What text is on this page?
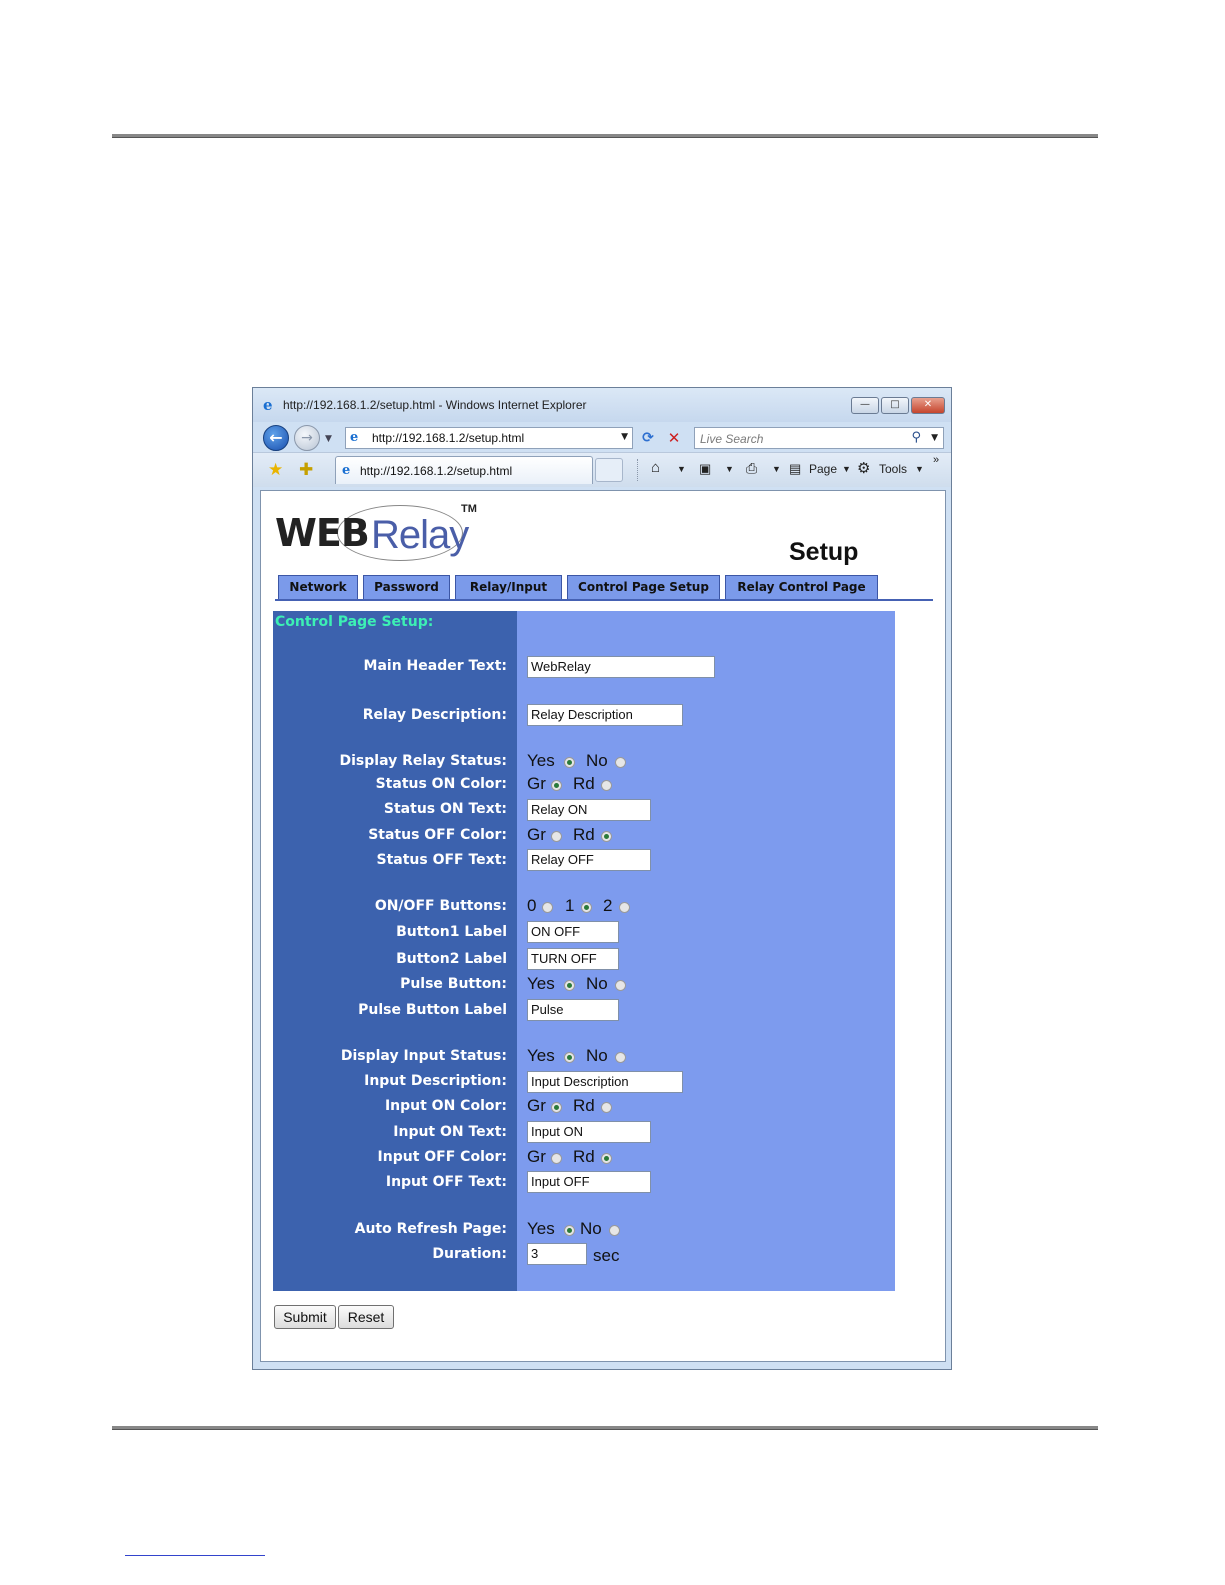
e http://192.168.1.2/setup.html - Windows Internet Explorer	—	□	✕
←	→	▼ e	http://192.168.1.2/setup.html	▼	⟳ ✕	Live Search	⚲ ▼
★ ✚ e http://192.168.1.2/setup.html	⌂ ▼ ▣ ▼ ⎙ ▼ ▤ Page ▼ ⚙ Tools ▼
»
WEB Relay
TM
Setup
Network	Password	Relay/Input	Control Page Setup	Relay Control Page
Control Page Setup:
Main Header Text:	WebRelay
Relay Description:	Relay Description
Display Relay Status: Yes No
Status ON Color: Gr Rd
Status ON Text:	Relay ON
Status OFF Color: Gr Rd
Status OFF Text:	Relay OFF
ON/OFF Buttons: 0 1 2
Button1 Label	ON OFF
Button2 Label	TURN OFF
Pulse Button: Yes No
Pulse Button Label	Pulse
Display Input Status: Yes No
Input Description:	Input Description
Input ON Color: Gr Rd
Input ON Text:	Input ON
Input OFF Color: Gr Rd
Input OFF Text:	Input OFF
Auto Refresh Page: Yes No
Duration:	3	sec
Submit	Reset
